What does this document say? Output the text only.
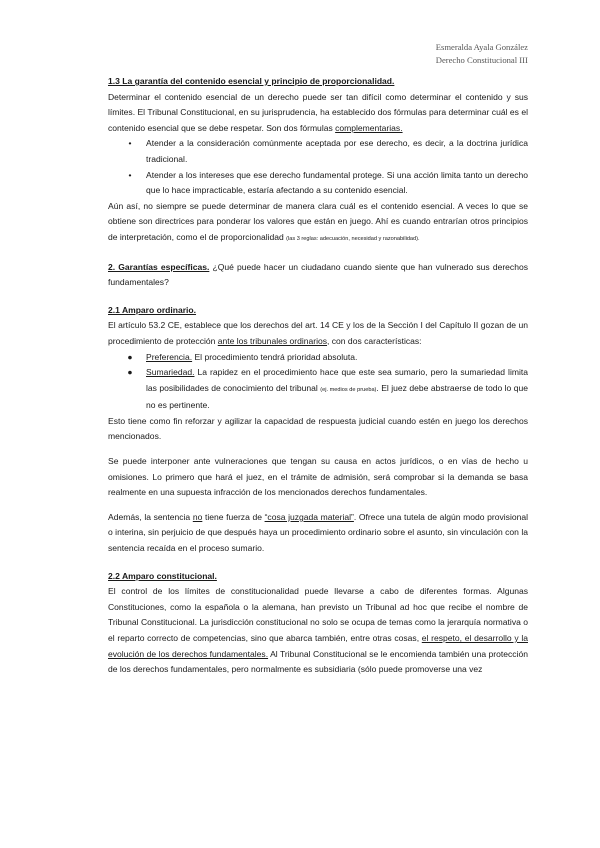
Esmeralda Ayala González
Derecho Constitucional III

1.3 La garantía del contenido esencial y principio de proporcionalidad.

Determinar el contenido esencial de un derecho puede ser tan difícil como determinar el contenido y sus límites. El Tribunal Constitucional, en su jurisprudencia, ha establecido dos fórmulas para determinar cuál es el contenido esencial que se debe respetar. Son dos fórmulas complementarias.

•	Atender a la consideración comúnmente aceptada por ese derecho, es decir, a la doctrina jurídica tradicional.
•	Atender a los intereses que ese derecho fundamental protege. Si una acción limita tanto un derecho que lo hace impracticable, estaría afectando a su contenido esencial.

Aún así, no siempre se puede determinar de manera clara cuál es el contenido esencial. A veces lo que se obtiene son directrices para ponderar los valores que están en juego. Ahí es cuando entrarían otros principios de interpretación, como el de proporcionalidad (las 3 reglas: adecuación, necesidad y razonabilidad).

2. Garantías específicas. ¿Qué puede hacer un ciudadano cuando siente que han vulnerado sus derechos fundamentales?

2.1 Amparo ordinario.

El artículo 53.2 CE, establece que los derechos del art. 14 CE y los de la Sección I del Capítulo II gozan de un procedimiento de protección ante los tribunales ordinarios, con dos características:

● Preferencia. El procedimiento tendrá prioridad absoluta.
● Sumariedad. La rapidez en el procedimiento hace que este sea sumario, pero la sumariedad limita las posibilidades de conocimiento del tribunal (ej. medios de prueba). El juez debe abstraerse de todo lo que no es pertinente.

Esto tiene como fin reforzar y agilizar la capacidad de respuesta judicial cuando estén en juego los derechos mencionados.

Se puede interponer ante vulneraciones que tengan su causa en actos jurídicos, o en vías de hecho u omisiones. Lo primero que hará el juez, en el trámite de admisión, será comprobar si la demanda se basa realmente en una supuesta infracción de los mencionados derechos fundamentales.

Además, la sentencia no tiene fuerza de “cosa juzgada material”. Ofrece una tutela de algún modo provisional o interina, sin perjuicio de que después haya un procedimiento ordinario sobre el asunto, sin vinculación con la sentencia recaída en el proceso sumario.

2.2 Amparo constitucional.

El control de los límites de constitucionalidad puede llevarse a cabo de diferentes formas. Algunas Constituciones, como la española o la alemana, han previsto un Tribunal ad hoc que recibe el nombre de Tribunal Constitucional. La jurisdicción constitucional no solo se ocupa de temas como la jerarquía normativa o el reparto correcto de competencias, sino que abarca también, entre otras cosas, el respeto, el desarrollo y la evolución de los derechos fundamentales. Al Tribunal Constitucional se le encomienda también una protección de los derechos fundamentales, pero normalmente es subsidiaria (sólo puede promoverse una vez
